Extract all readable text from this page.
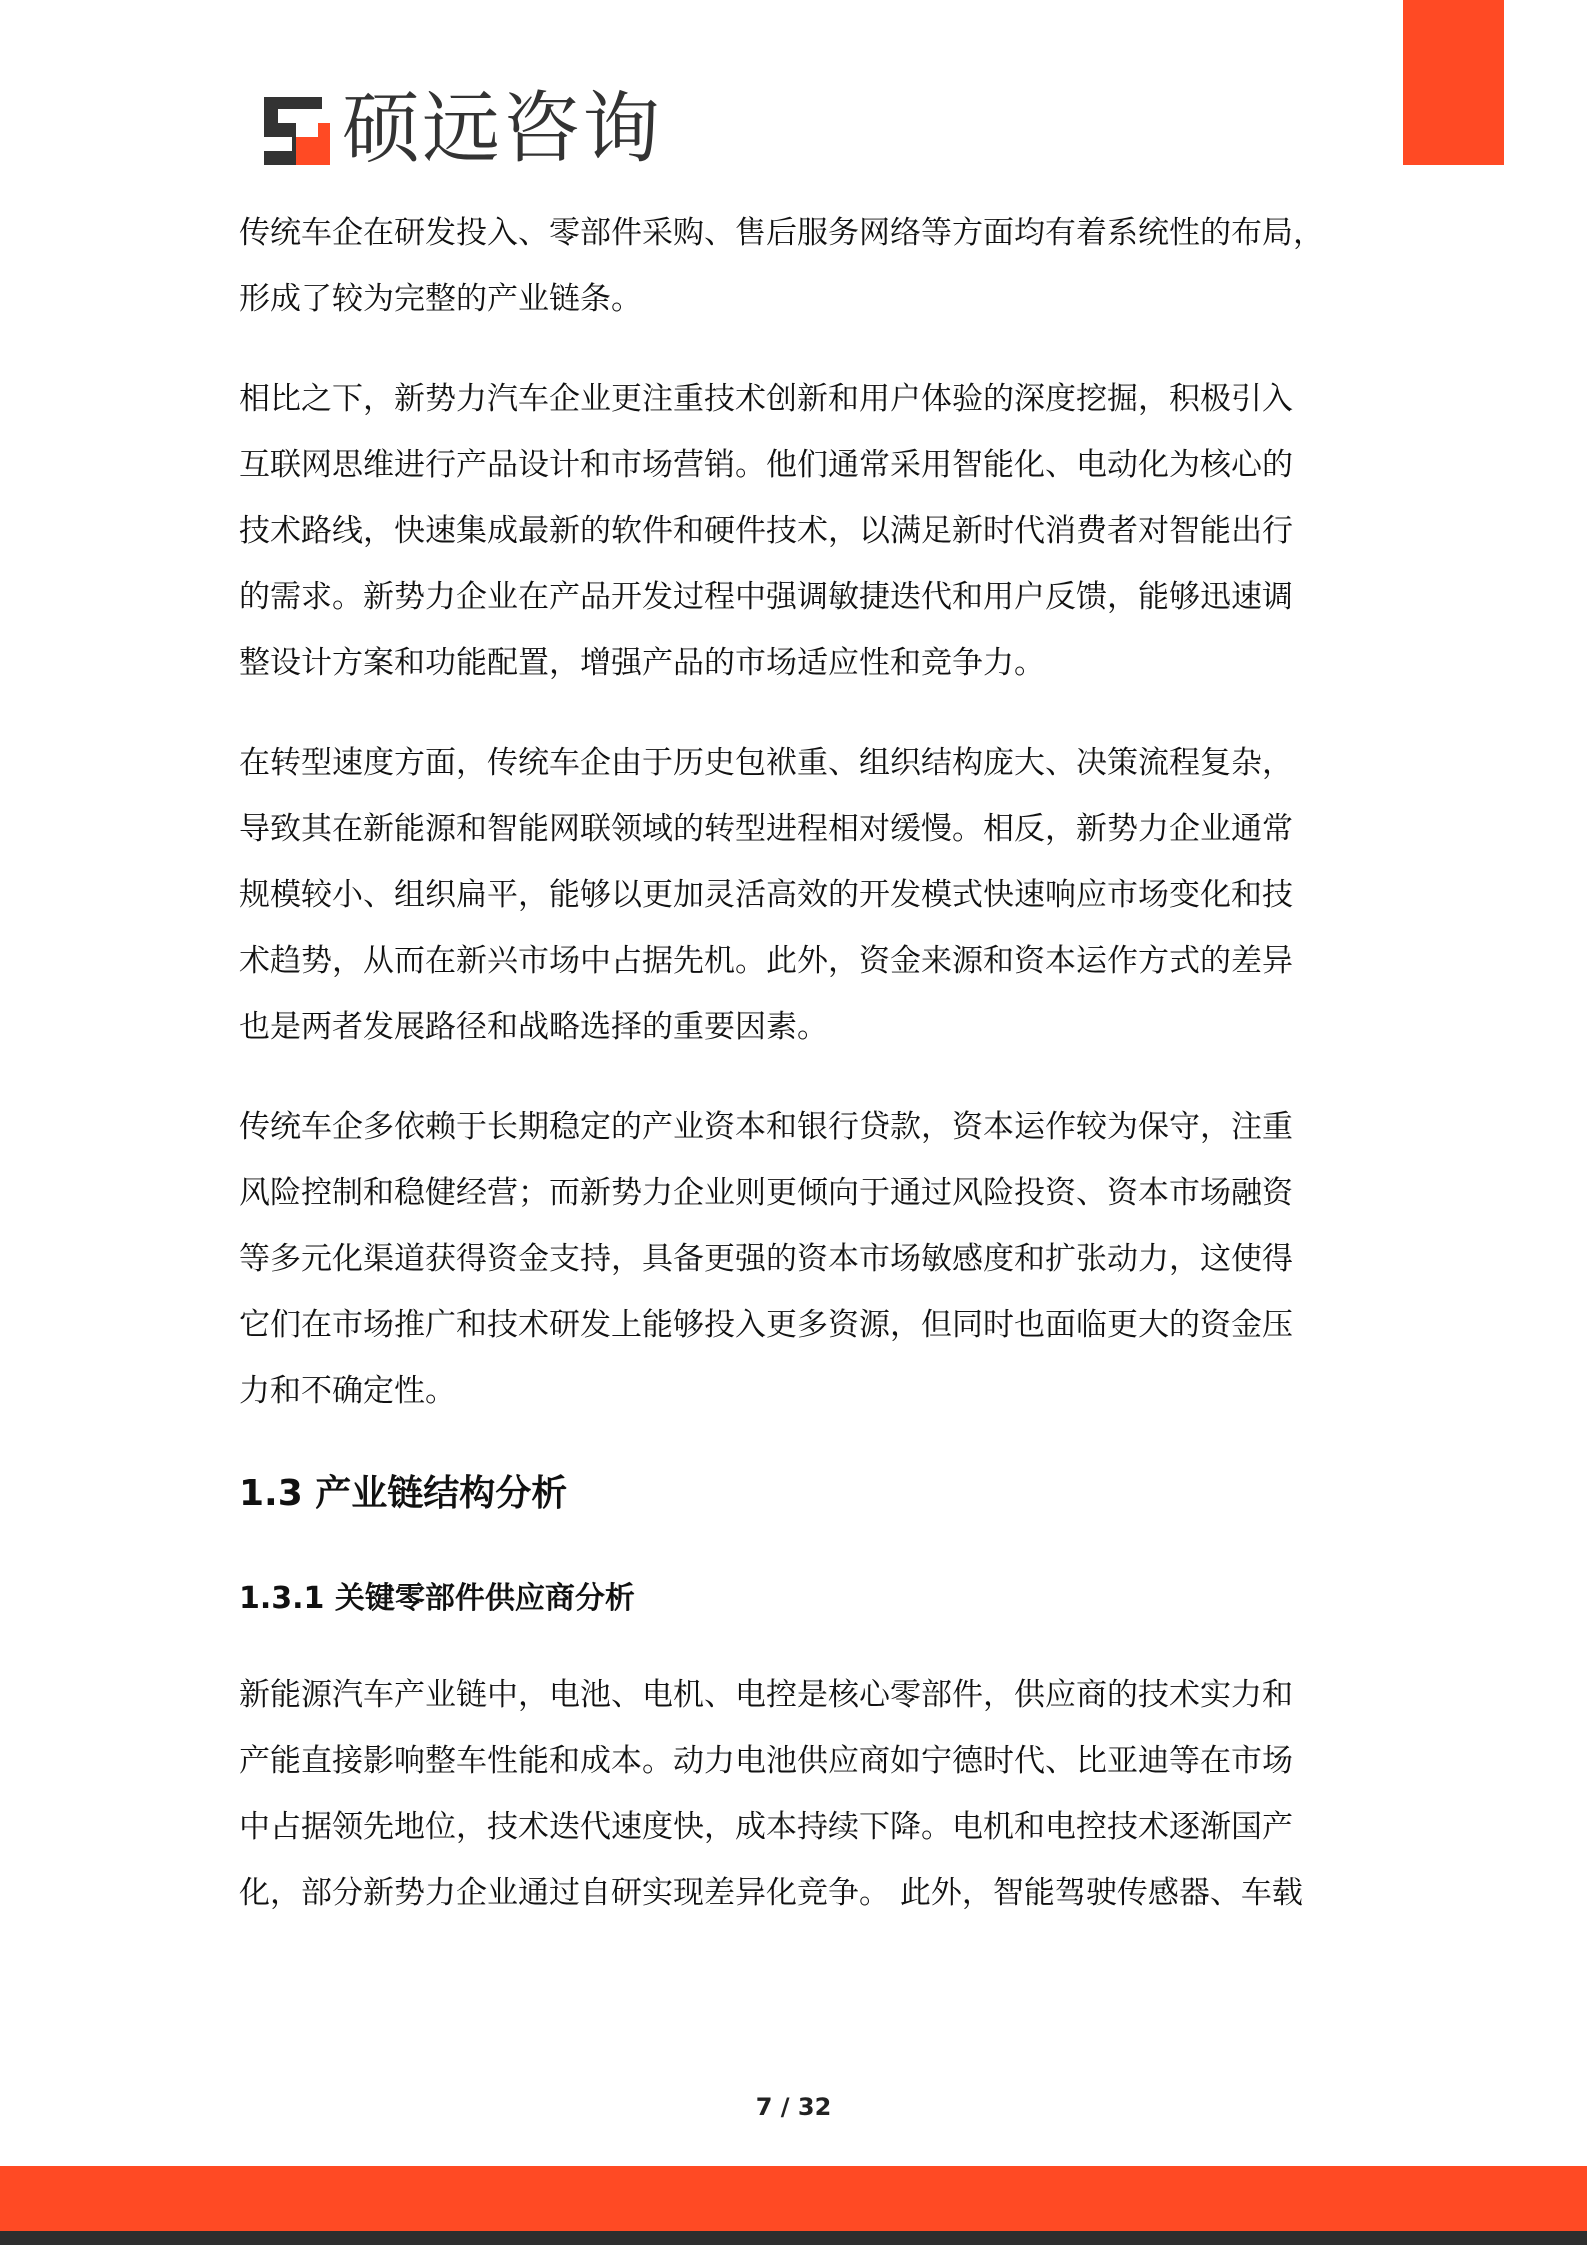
硕远咨询

传统车企在研发投入、零部件采购、售后服务网络等方面均有着系统性的布局，
形成了较为完整的产业链条。

相比之下，新势力汽车企业更注重技术创新和用户体验的深度挖掘，积极引入
互联网思维进行产品设计和市场营销。他们通常采用智能化、电动化为核心的
技术路线，快速集成最新的软件和硬件技术，以满足新时代消费者对智能出行
的需求。新势力企业在产品开发过程中强调敏捷迭代和用户反馈，能够迅速调
整设计方案和功能配置，增强产品的市场适应性和竞争力。

在转型速度方面，传统车企由于历史包袱重、组织结构庞大、决策流程复杂，
导致其在新能源和智能网联领域的转型进程相对缓慢。相反，新势力企业通常
规模较小、组织扁平，能够以更加灵活高效的开发模式快速响应市场变化和技
术趋势，从而在新兴市场中占据先机。此外，资金来源和资本运作方式的差异
也是两者发展路径和战略选择的重要因素。

传统车企多依赖于长期稳定的产业资本和银行贷款，资本运作较为保守，注重
风险控制和稳健经营；而新势力企业则更倾向于通过风险投资、资本市场融资
等多元化渠道获得资金支持，具备更强的资本市场敏感度和扩张动力，这使得
它们在市场推广和技术研发上能够投入更多资源，但同时也面临更大的资金压
力和不确定性。

1.3 产业链结构分析
1.3.1 关键零部件供应商分析

新能源汽车产业链中，电池、电机、电控是核心零部件，供应商的技术实力和
产能直接影响整车性能和成本。动力电池供应商如宁德时代、比亚迪等在市场
中占据领先地位，技术迭代速度快，成本持续下降。电机和电控技术逐渐国产
化，部分新势力企业通过自研实现差异化竞争。 此外，智能驾驶传感器、车载

7 / 32
